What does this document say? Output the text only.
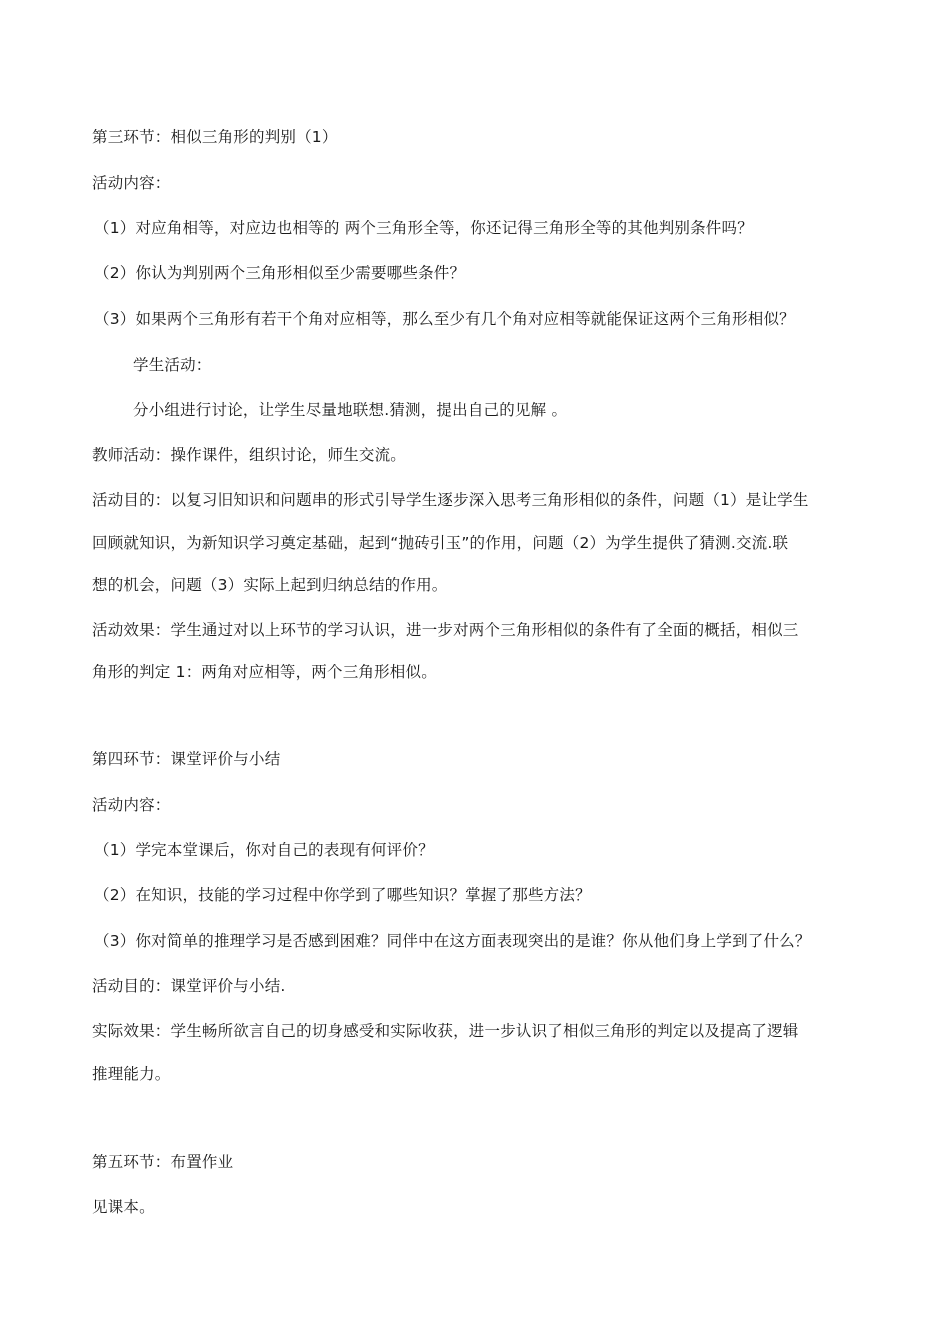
第三环节：相似三角形的判别（1）
活动内容：
（1）对应角相等，对应边也相等的 两个三角形全等，你还记得三角形全等的其他判别条件吗？
（2）你认为判别两个三角形相似至少需要哪些条件？
（3）如果两个三角形有若干个角对应相等，那么至少有几个角对应相等就能保证这两个三角形相似？
学生活动：
分小组进行讨论，让学生尽量地联想.猜测，提出自己的见解 。
教师活动：操作课件，组织讨论，师生交流。
活动目的：以复习旧知识和问题串的形式引导学生逐步深入思考三角形相似的条件，问题（1）是让学生
回顾就知识，为新知识学习奠定基础，起到“抛砖引玉”的作用，问题（2）为学生提供了猜测.交流.联
想的机会，问题（3）实际上起到归纳总结的作用。
活动效果：学生通过对以上环节的学习认识，进一步对两个三角形相似的条件有了全面的概括，相似三
角形的判定 1：两角对应相等，两个三角形相似。
第四环节：课堂评价与小结
活动内容：
（1）学完本堂课后，你对自己的表现有何评价？
（2）在知识，技能的学习过程中你学到了哪些知识？掌握了那些方法？
（3）你对简单的推理学习是否感到困难？同伴中在这方面表现突出的是谁？你从他们身上学到了什么？
活动目的：课堂评价与小结.
实际效果：学生畅所欲言自己的切身感受和实际收获，进一步认识了相似三角形的判定以及提高了逻辑
推理能力。
第五环节：布置作业
见课本。
